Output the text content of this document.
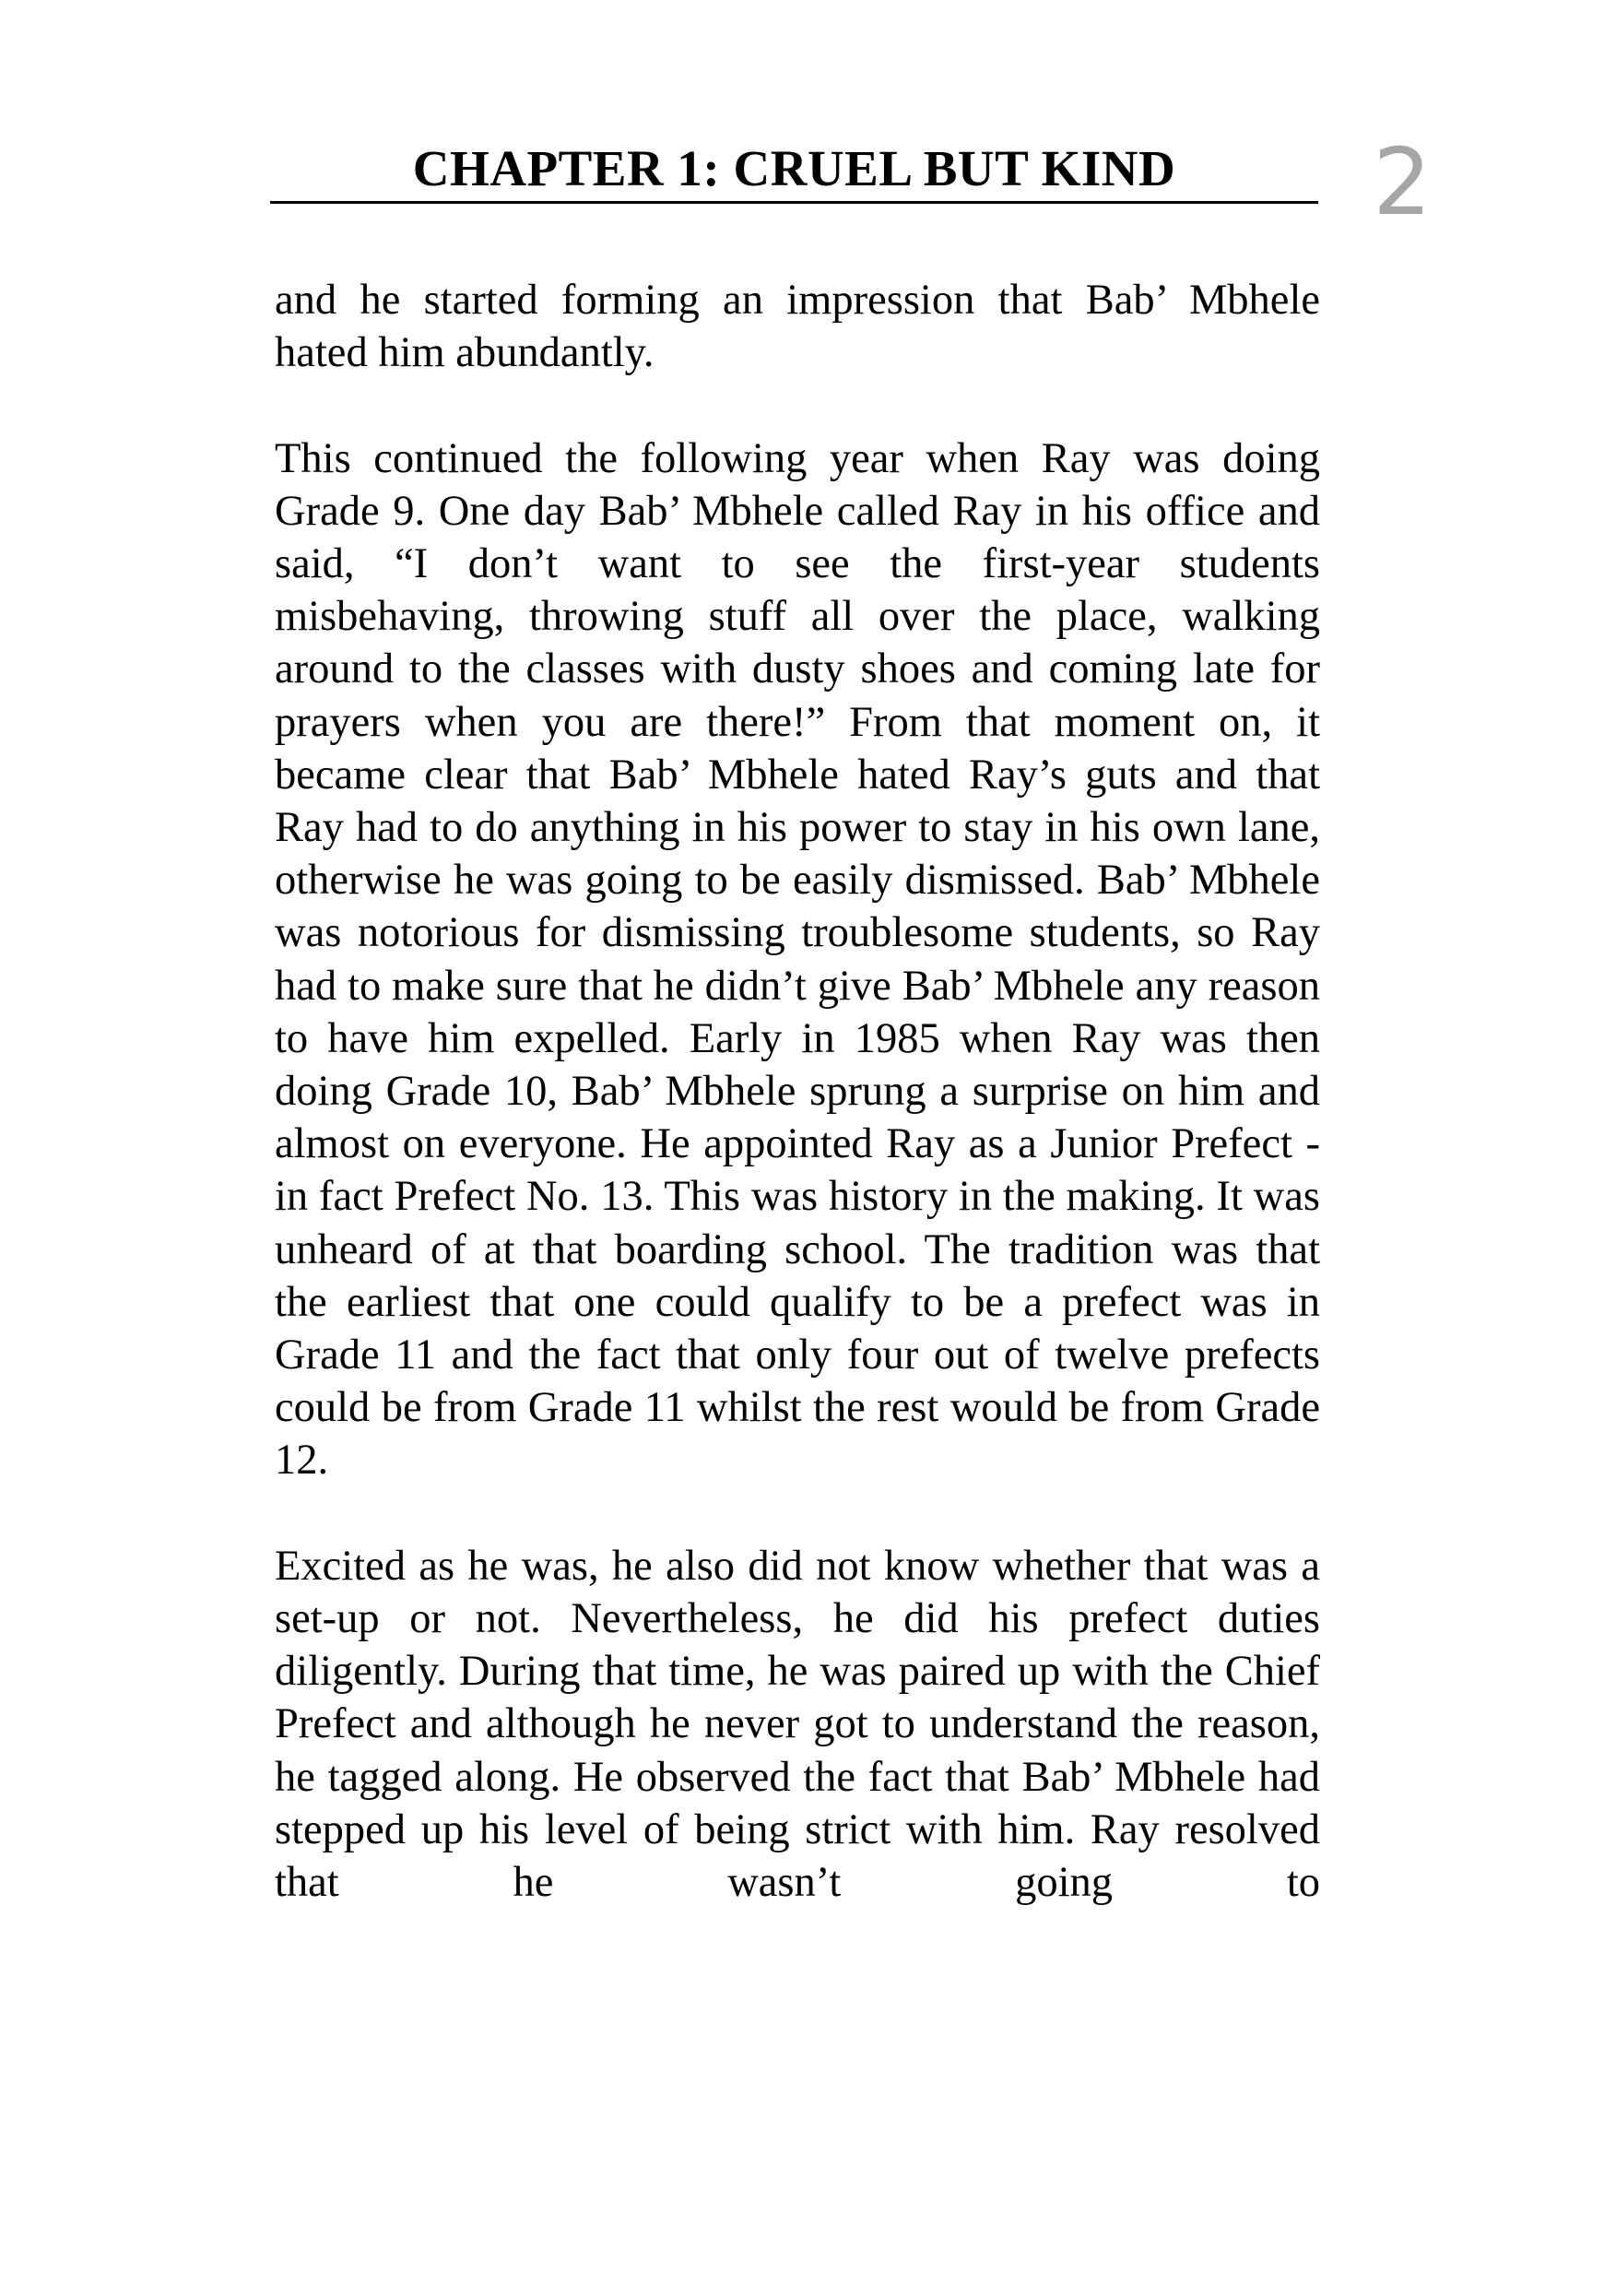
CHAPTER 1: CRUEL BUT KIND	2

and he started forming an impression that Bab’ Mbhele hated him abundantly.

This continued the following year when Ray was doing Grade 9. One day Bab’ Mbhele called Ray in his office and said, “I don’t want to see the first-year students misbehaving, throwing stuff all over the place, walking around to the classes with dusty shoes and coming late for prayers when you are there!” From that moment on, it became clear that Bab’ Mbhele hated Ray’s guts and that Ray had to do anything in his power to stay in his own lane, otherwise he was going to be easily dismissed. Bab’ Mbhele was notorious for dismissing troublesome students, so Ray had to make sure that he didn’t give Bab’ Mbhele any reason to have him expelled. Early in 1985 when Ray was then doing Grade 10, Bab’ Mbhele sprung a surprise on him and almost on everyone. He appointed Ray as a Junior Prefect - in fact Prefect No. 13. This was history in the making. It was unheard of at that boarding school. The tradition was that the earliest that one could qualify to be a prefect was in Grade 11 and the fact that only four out of twelve prefects could be from Grade 11 whilst the rest would be from Grade 12.

Excited as he was, he also did not know whether that was a set-up or not. Nevertheless, he did his prefect duties diligently. During that time, he was paired up with the Chief Prefect and although he never got to understand the reason, he tagged along. He observed the fact that Bab’ Mbhele had stepped up his level of being strict with him. Ray resolved that he wasn’t going to
